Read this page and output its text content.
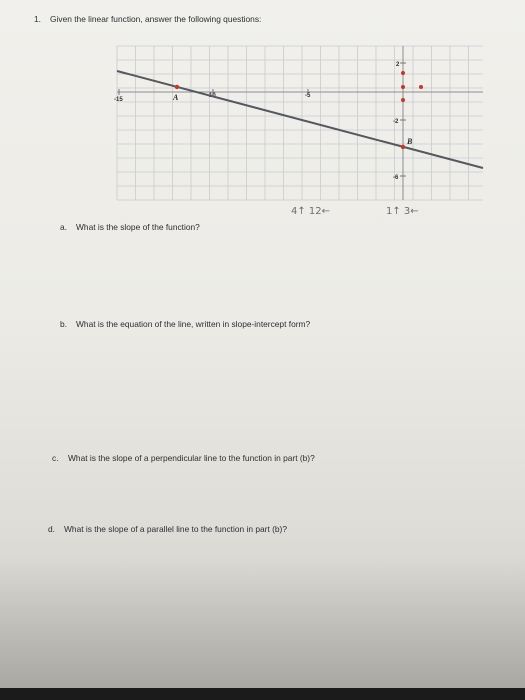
1. Given the linear function, answer the following questions:
-15
-5
2
-2
-6
A
B
4↑ 12←	1↑ 3←
a. What is the slope of the function?
b. What is the equation of the line, written in slope-intercept form?
c. What is the slope of a perpendicular line to the function in part (b)?
d. What is the slope of a parallel line to the function in part (b)?
